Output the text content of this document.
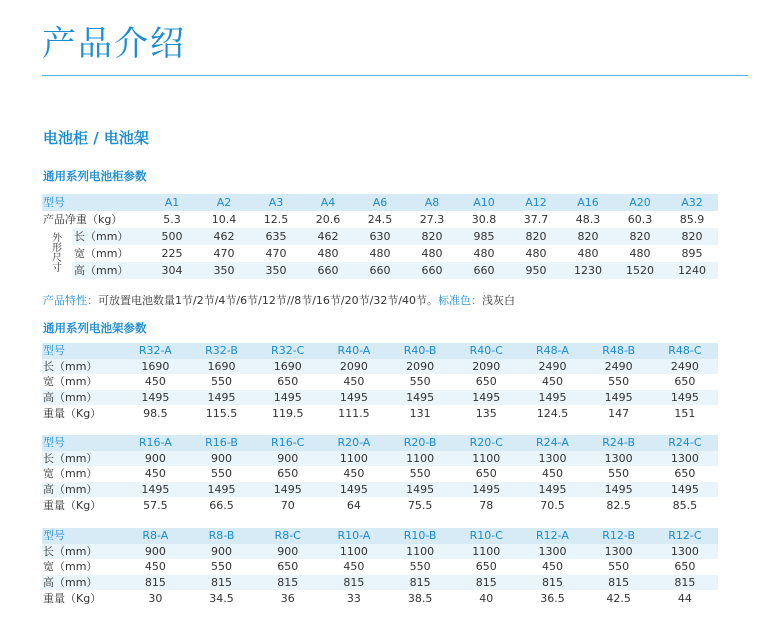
产品介绍
电池柜 / 电池架
通用系列电池柜参数
型号		A1	A2	A3	A4	A6	A8	A10	A12	A16	A20	A32
产品净重（kg）		5.3	10.4	12.5	20.6	24.5	27.3	30.8	37.7	48.3	60.3	85.9
外
形
尺
寸	长（mm）	500	462	635	462	630	820	985	820	820	820	820
	宽（mm）	225	470	470	480	480	480	480	480	480	480	895
	高（mm）	304	350	350	660	660	660	660	950	1230	1520	1240
产品特性：可放置电池数量1节/2节/4节/6节/12节//8节/16节/20节/32节/40节。标准色：浅灰白
通用系列电池架参数
型号	R32-A	R32-B	R32-C	R40-A	R40-B	R40-C	R48-A	R48-B	R48-C
长（mm）	1690	1690	1690	2090	2090	2090	2490	2490	2490
宽（mm）	450	550	650	450	550	650	450	550	650
高（mm）	1495	1495	1495	1495	1495	1495	1495	1495	1495
重量（Kg）	98.5	115.5	119.5	111.5	131	135	124.5	147	151
型号	R16-A	R16-B	R16-C	R20-A	R20-B	R20-C	R24-A	R24-B	R24-C
长（mm）	900	900	900	1100	1100	1100	1300	1300	1300
宽（mm）	450	550	650	450	550	650	450	550	650
高（mm）	1495	1495	1495	1495	1495	1495	1495	1495	1495
重量（Kg）	57.5	66.5	70	64	75.5	78	70.5	82.5	85.5
型号	R8-A	R8-B	R8-C	R10-A	R10-B	R10-C	R12-A	R12-B	R12-C
长（mm）	900	900	900	1100	1100	1100	1300	1300	1300
宽（mm）	450	550	650	450	550	650	450	550	650
高（mm）	815	815	815	815	815	815	815	815	815
重量（Kg）	30	34.5	36	33	38.5	40	36.5	42.5	44
